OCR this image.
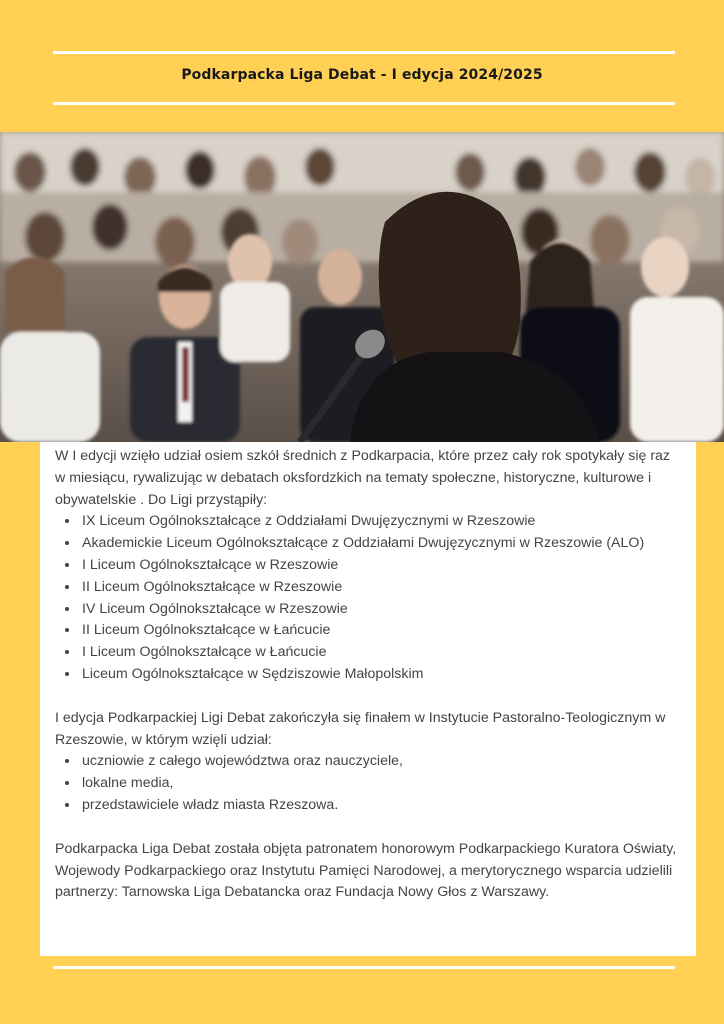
Podkarpacka Liga Debat - I edycja 2024/2025

W I edycji wzięło udział osiem szkół średnich z Podkarpacia, które przez cały rok spotykały się raz w miesiącu, rywalizując w debatach oksfordzkich na tematy społeczne, historyczne, kulturowe i obywatelskie . Do Ligi przystąpiły:

• IX Liceum Ogólnokształcące z Oddziałami Dwujęzycznymi w Rzeszowie
• Akademickie Liceum Ogólnokształcące z Oddziałami Dwujęzycznymi w Rzeszowie (ALO)
• I Liceum Ogólnokształcące w Rzeszowie
• II Liceum Ogólnokształcące w Rzeszowie
• IV Liceum Ogólnokształcące w Rzeszowie
• II Liceum Ogólnokształcące w Łańcucie
• I Liceum Ogólnokształcące w Łańcucie
• Liceum Ogólnokształcące w Sędziszowie Małopolskim

I edycja Podkarpackiej Ligi Debat zakończyła się finałem w Instytucie Pastoralno-Teologicznym w Rzeszowie, w którym wzięli udział:

• uczniowie z całego województwa oraz nauczyciele,
• lokalne media,
• przedstawiciele władz miasta Rzeszowa.

Podkarpacka Liga Debat została objęta patronatem honorowym Podkarpackiego Kuratora Oświaty, Wojewody Podkarpackiego oraz Instytutu Pamięci Narodowej, a merytorycznego wsparcia udzielili partnerzy: Tarnowska Liga Debatancka oraz Fundacja Nowy Głos z Warszawy.
